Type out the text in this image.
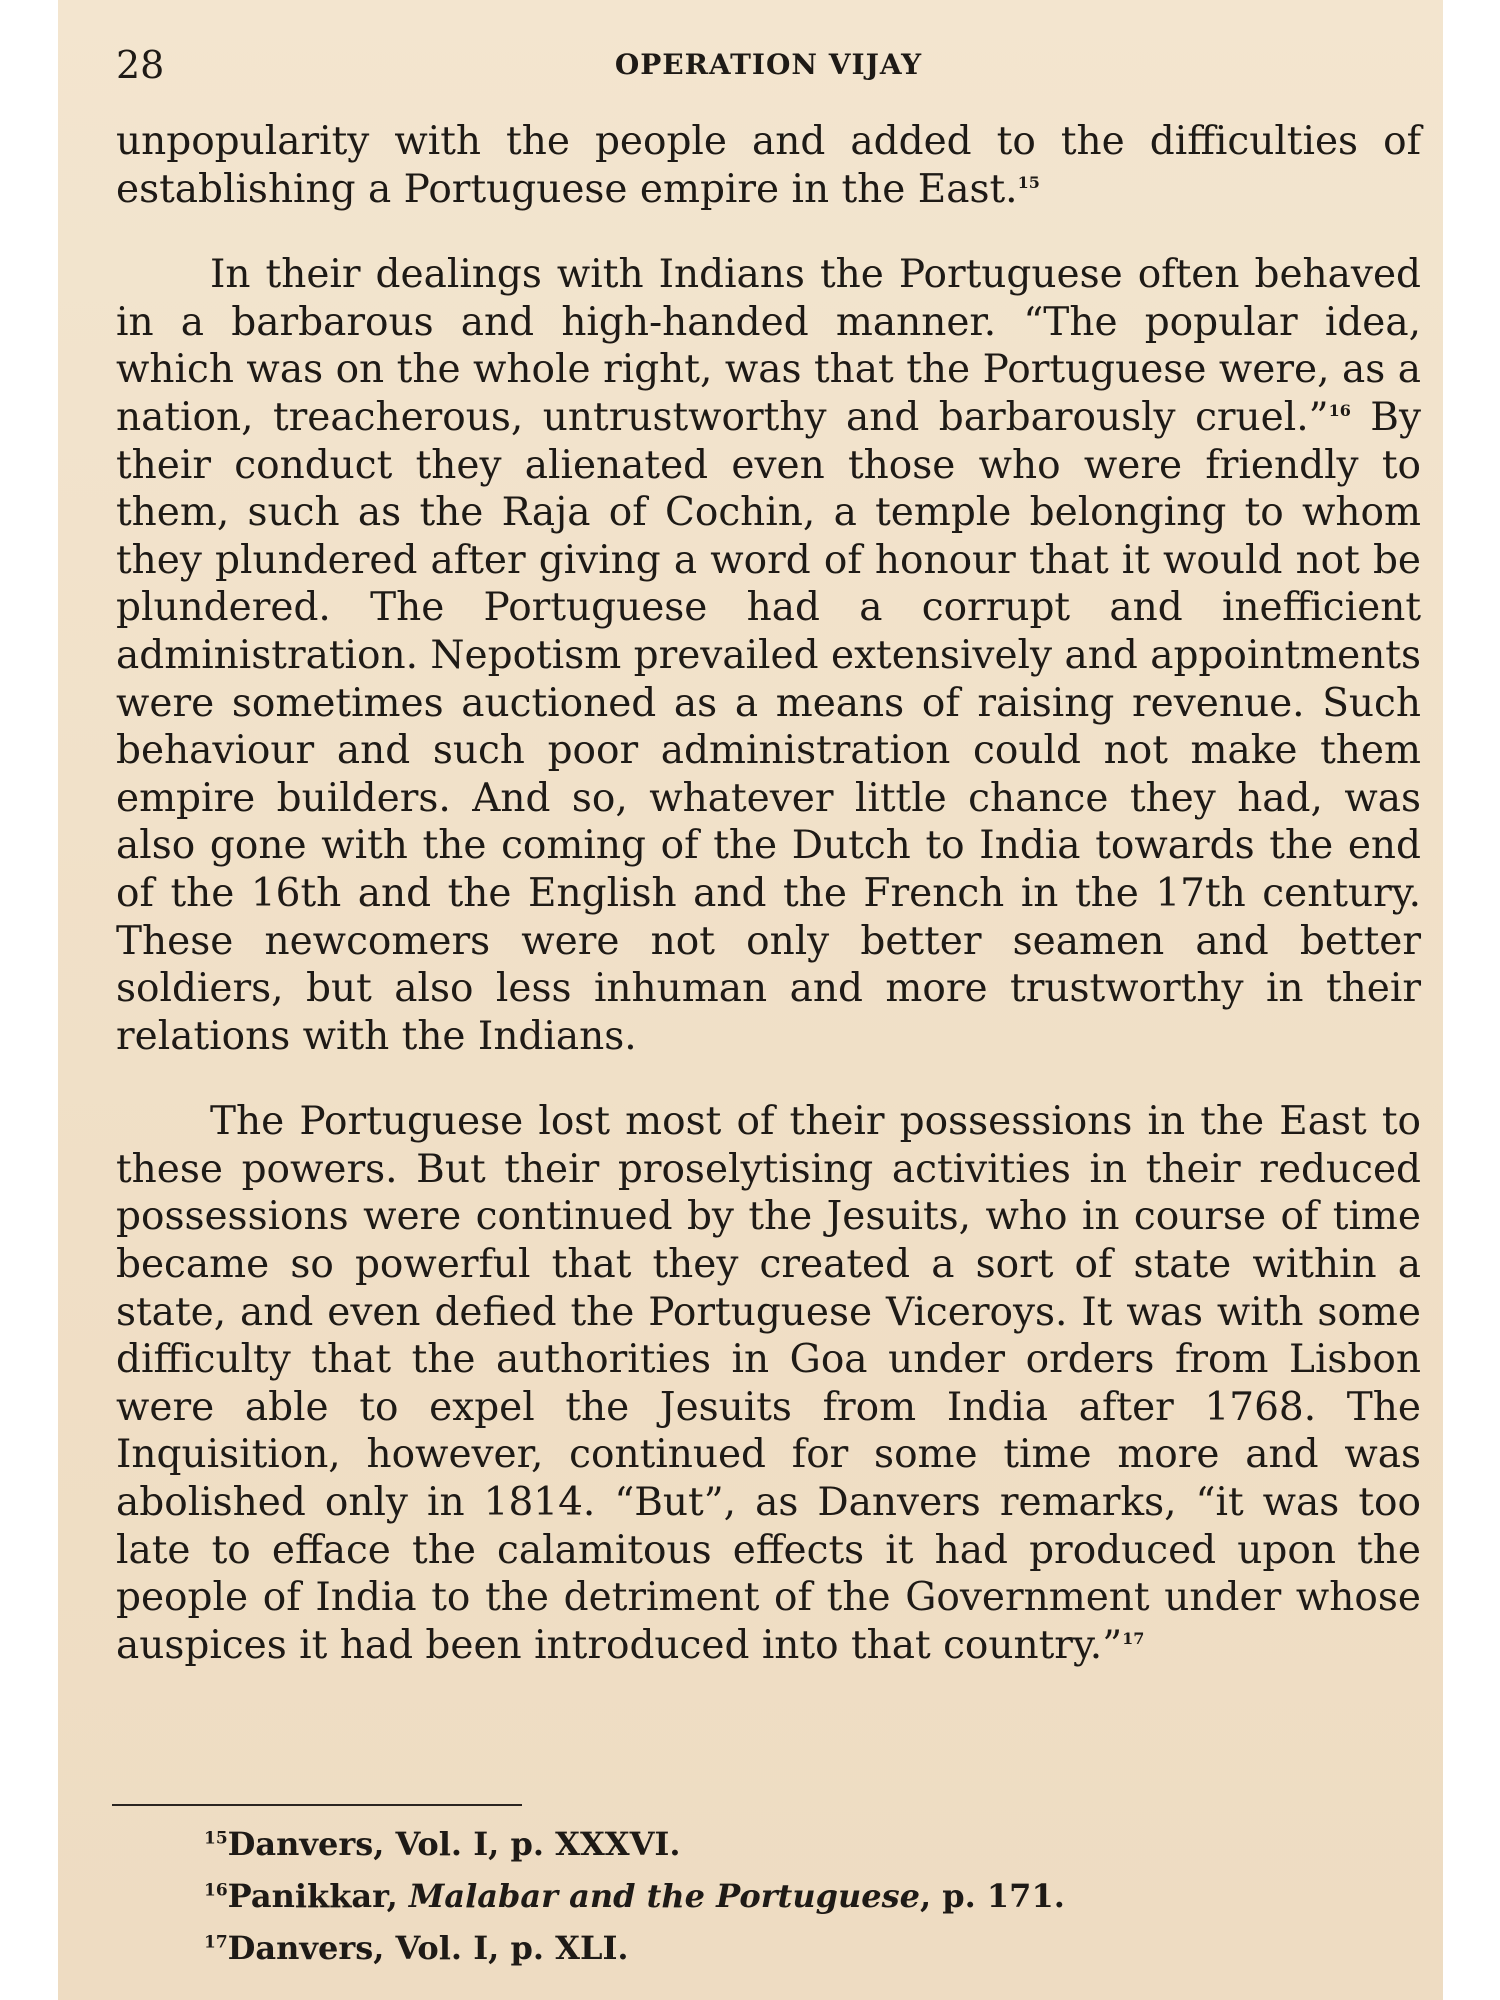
28	OPERATION VIJAY

unpopularity with the people and added to the difficulties of establishing a Portuguese empire in the East.$^{15}$

In their dealings with Indians the Portuguese often behaved in a barbarous and high-handed manner. “The popular idea, which was on the whole right, was that the Portuguese were, as a nation, treacherous, untrustworthy and barbarously cruel.”$^{16}$ By their conduct they alienated even those who were friendly to them, such as the Raja of Cochin, a temple belonging to whom they plundered after giving a word of honour that it would not be plundered. The Portuguese had a corrupt and inefficient administration. Nepotism prevailed extensively and appointments were sometimes auctioned as a means of raising revenue. Such behaviour and such poor administration could not make them empire builders. And so, whatever little chance they had, was also gone with the coming of the Dutch to India towards the end of the 16th and the English and the French in the 17th century. These newcomers were not only better seamen and better soldiers, but also less inhuman and more trustworthy in their relations with the Indians.

The Portuguese lost most of their possessions in the East to these powers. But their proselytising activities in their reduced possessions were continued by the Jesuits, who in course of time became so powerful that they created a sort of state within a state, and even defied the Portuguese Viceroys. It was with some difficulty that the authorities in Goa under orders from Lisbon were able to expel the Jesuits from India after 1768. The Inquisition, however, continued for some time more and was abolished only in 1814. “But”, as Danvers remarks, “it was too late to efface the calamitous effects it had produced upon the people of India to the detriment of the Government under whose auspices it had been introduced into that country.”$^{17}$

$^{15}$Danvers, Vol. I, p. XXXVI.

$^{16}$Panikkar, Malabar and the Portuguese, p. 171.

$^{17}$Danvers, Vol. I, p. XLI.
